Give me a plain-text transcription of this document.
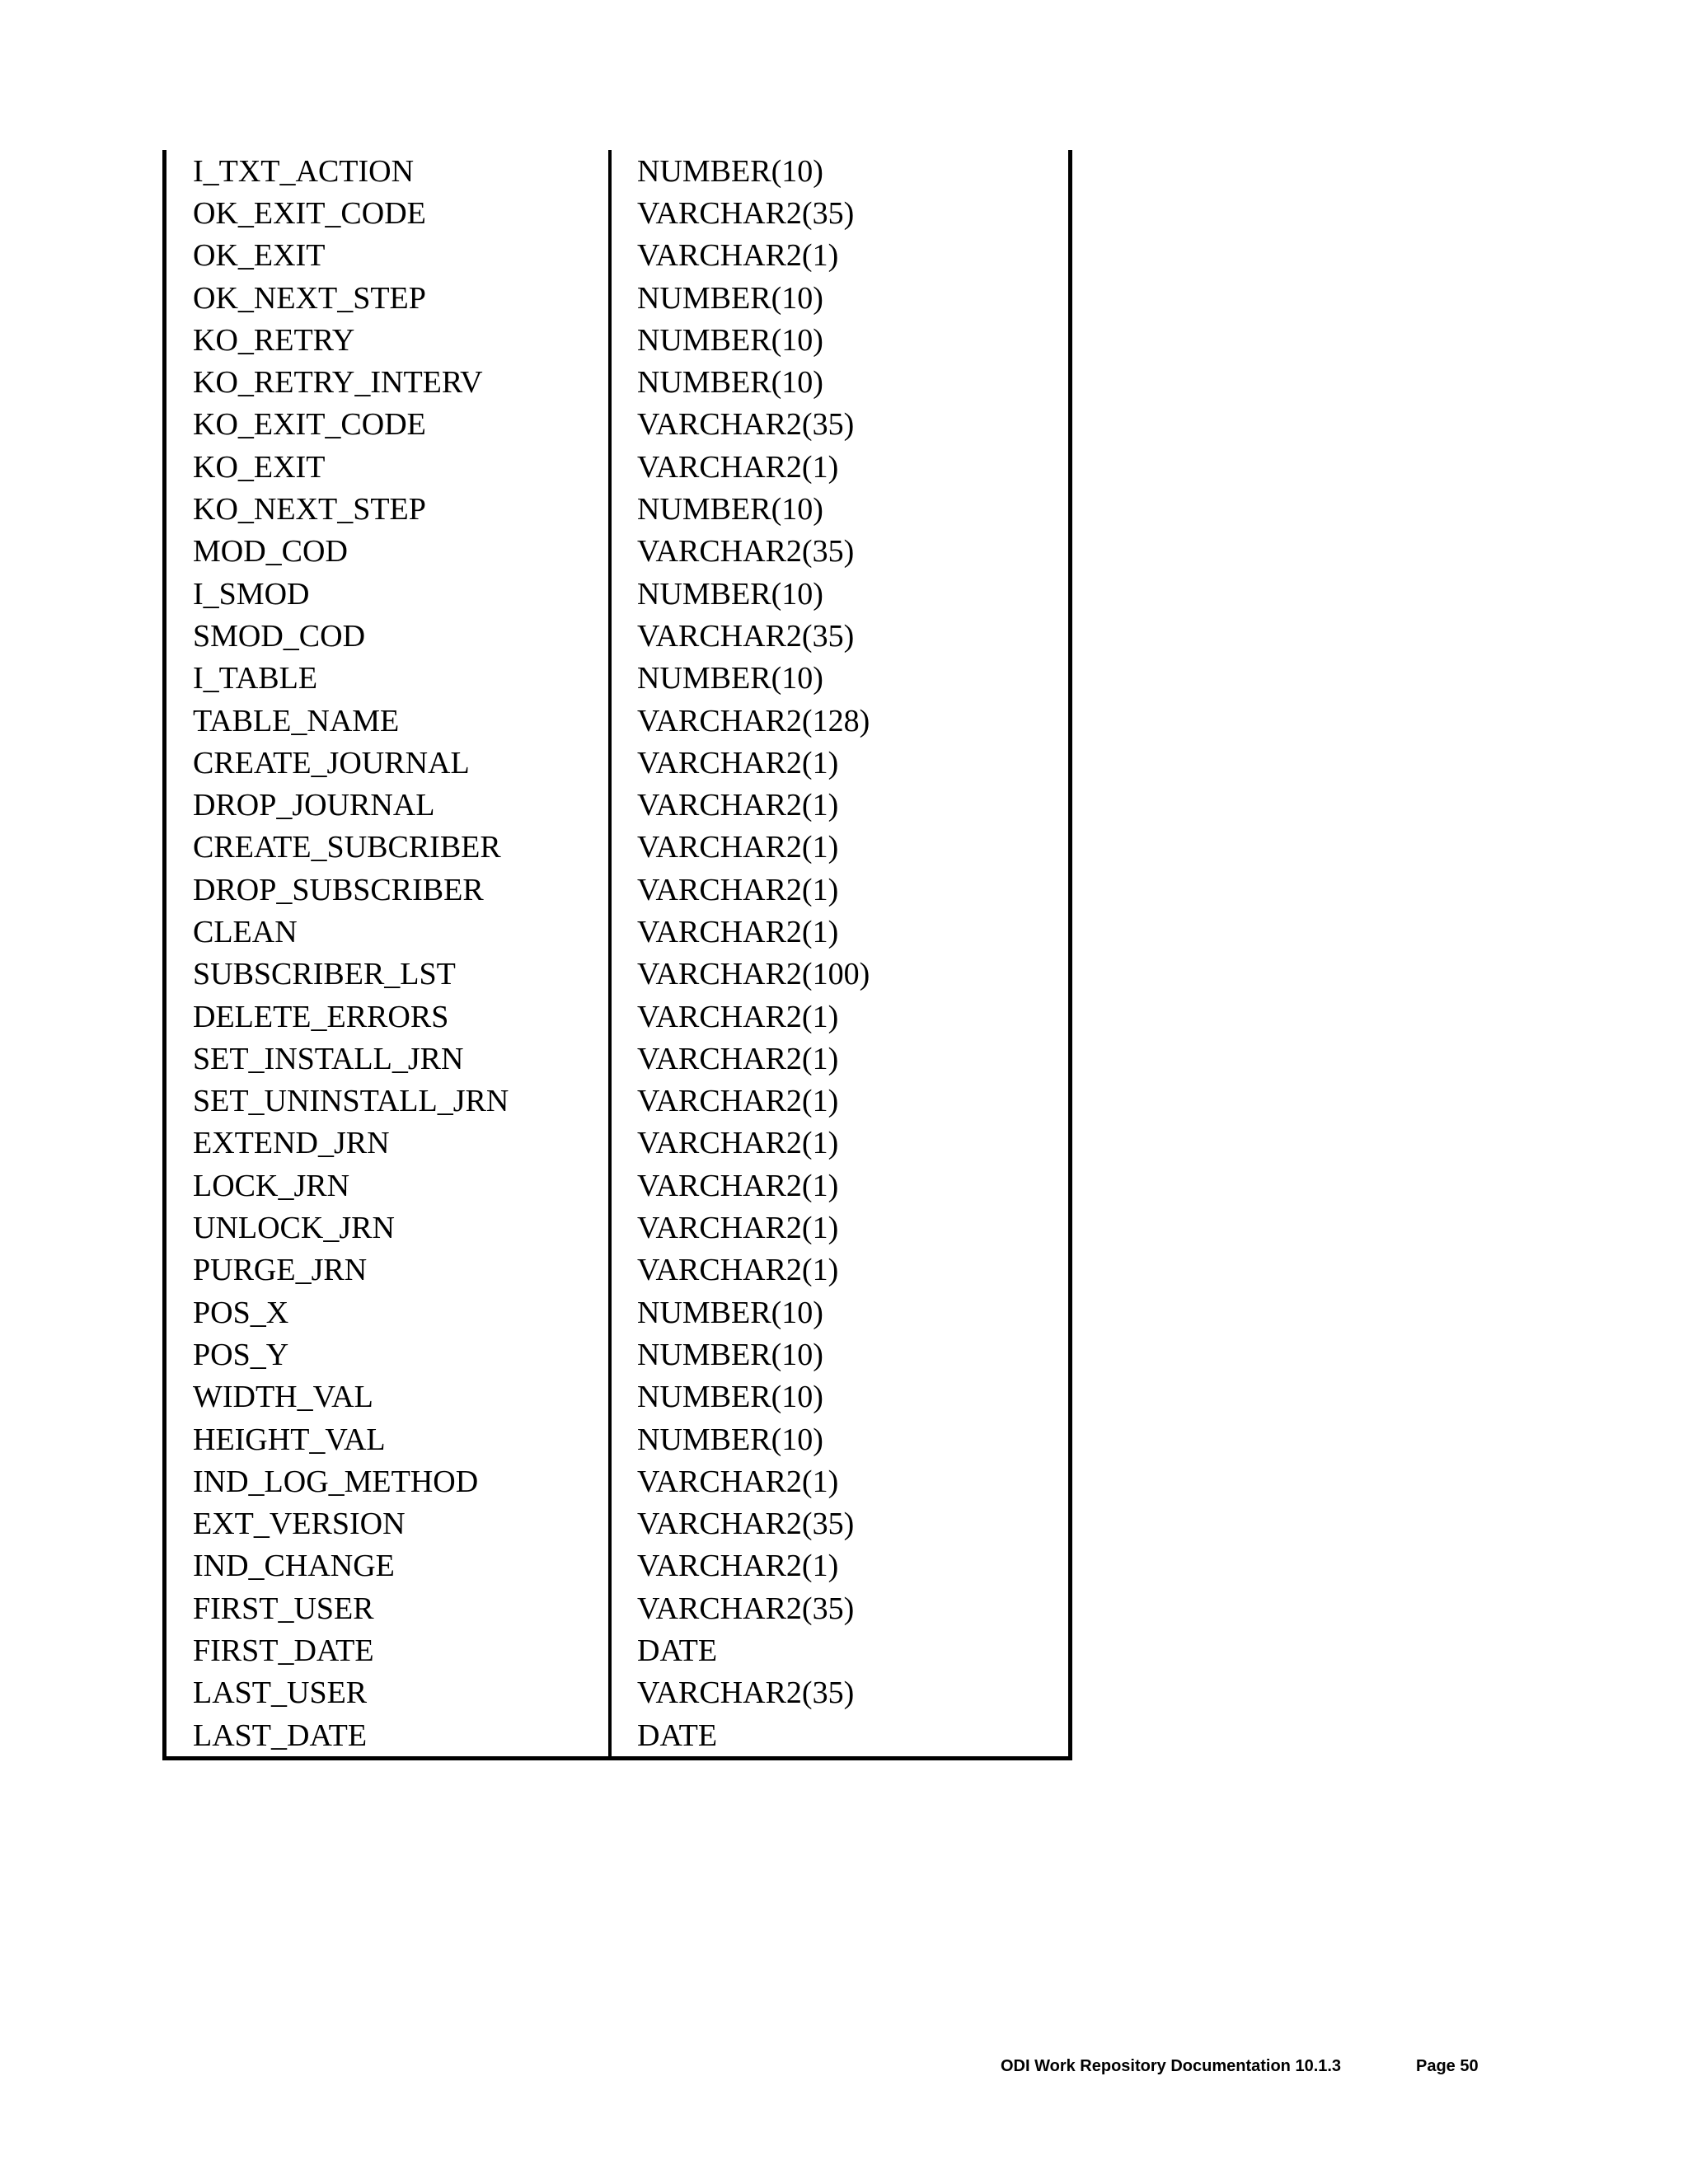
I_TXT_ACTION	NUMBER(10)
OK_EXIT_CODE	VARCHAR2(35)
OK_EXIT	VARCHAR2(1)
OK_NEXT_STEP	NUMBER(10)
KO_RETRY	NUMBER(10)
KO_RETRY_INTERV	NUMBER(10)
KO_EXIT_CODE	VARCHAR2(35)
KO_EXIT	VARCHAR2(1)
KO_NEXT_STEP	NUMBER(10)
MOD_COD	VARCHAR2(35)
I_SMOD	NUMBER(10)
SMOD_COD	VARCHAR2(35)
I_TABLE	NUMBER(10)
TABLE_NAME	VARCHAR2(128)
CREATE_JOURNAL	VARCHAR2(1)
DROP_JOURNAL	VARCHAR2(1)
CREATE_SUBCRIBER	VARCHAR2(1)
DROP_SUBSCRIBER	VARCHAR2(1)
CLEAN	VARCHAR2(1)
SUBSCRIBER_LST	VARCHAR2(100)
DELETE_ERRORS	VARCHAR2(1)
SET_INSTALL_JRN	VARCHAR2(1)
SET_UNINSTALL_JRN	VARCHAR2(1)
EXTEND_JRN	VARCHAR2(1)
LOCK_JRN	VARCHAR2(1)
UNLOCK_JRN	VARCHAR2(1)
PURGE_JRN	VARCHAR2(1)
POS_X	NUMBER(10)
POS_Y	NUMBER(10)
WIDTH_VAL	NUMBER(10)
HEIGHT_VAL	NUMBER(10)
IND_LOG_METHOD	VARCHAR2(1)
EXT_VERSION	VARCHAR2(35)
IND_CHANGE	VARCHAR2(1)
FIRST_USER	VARCHAR2(35)
FIRST_DATE	DATE
LAST_USER	VARCHAR2(35)
LAST_DATE	DATE
ODI Work Repository Documentation 10.1.3	Page 50
